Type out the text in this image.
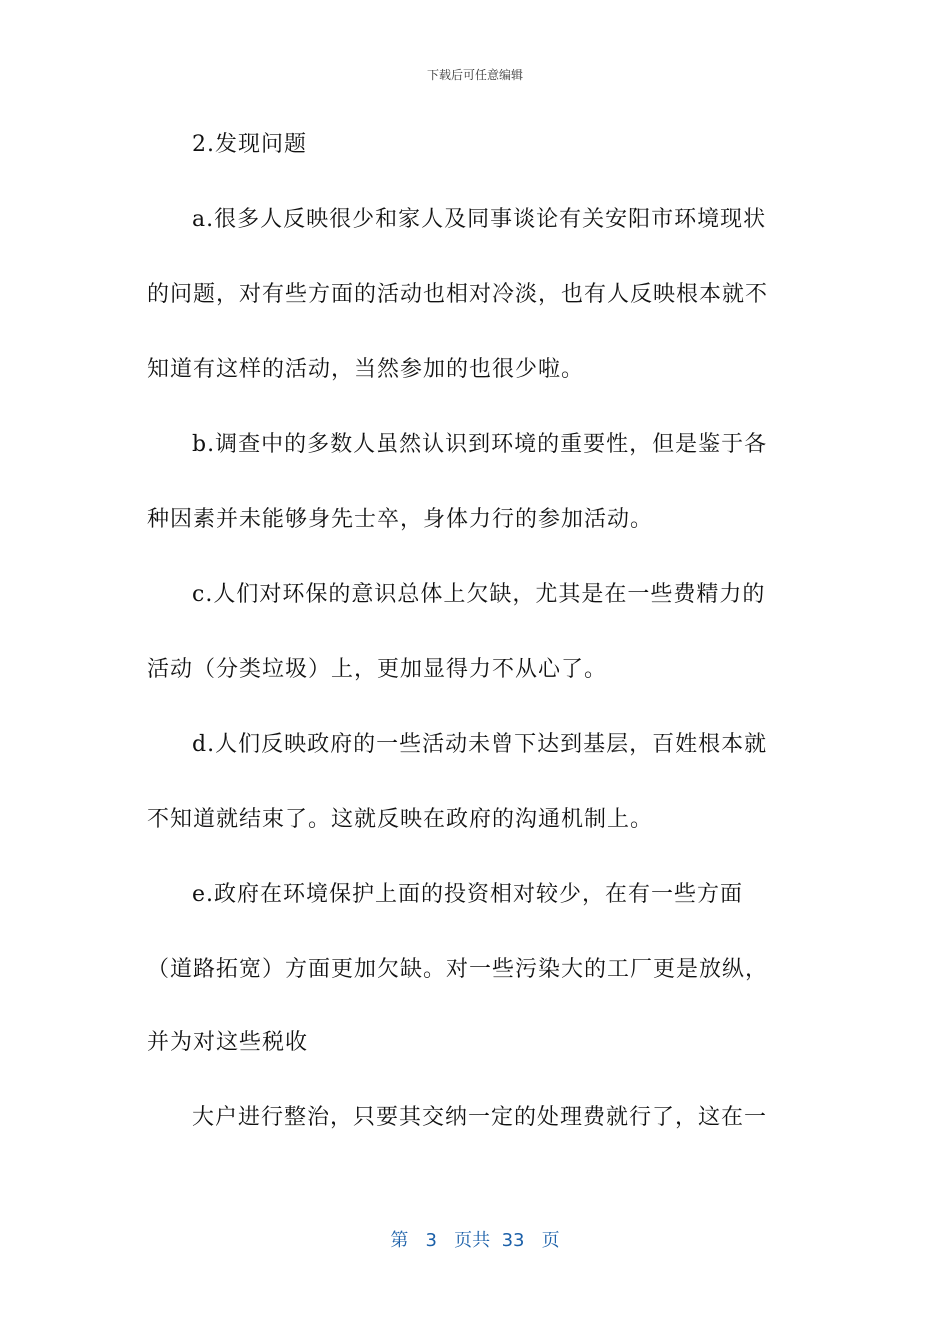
下载后可任意编辑
2.发现问题
a.很多人反映很少和家人及同事谈论有关安阳市环境现状
的问题，对有些方面的活动也相对冷淡，也有人反映根本就不
知道有这样的活动，当然参加的也很少啦。
b.调查中的多数人虽然认识到环境的重要性，但是鉴于各
种因素并未能够身先士卒，身体力行的参加活动。
c.人们对环保的意识总体上欠缺，尤其是在一些费精力的
活动（分类垃圾）上，更加显得力不从心了。
d.人们反映政府的一些活动未曾下达到基层，百姓根本就
不知道就结束了。这就反映在政府的沟通机制上。
e.政府在环境保护上面的投资相对较少，在有一些方面
（道路拓宽）方面更加欠缺。对一些污染大的工厂更是放纵，
并为对这些税收
大户进行整治，只要其交纳一定的处理费就行了，这在一
第 3 页共 33 页
